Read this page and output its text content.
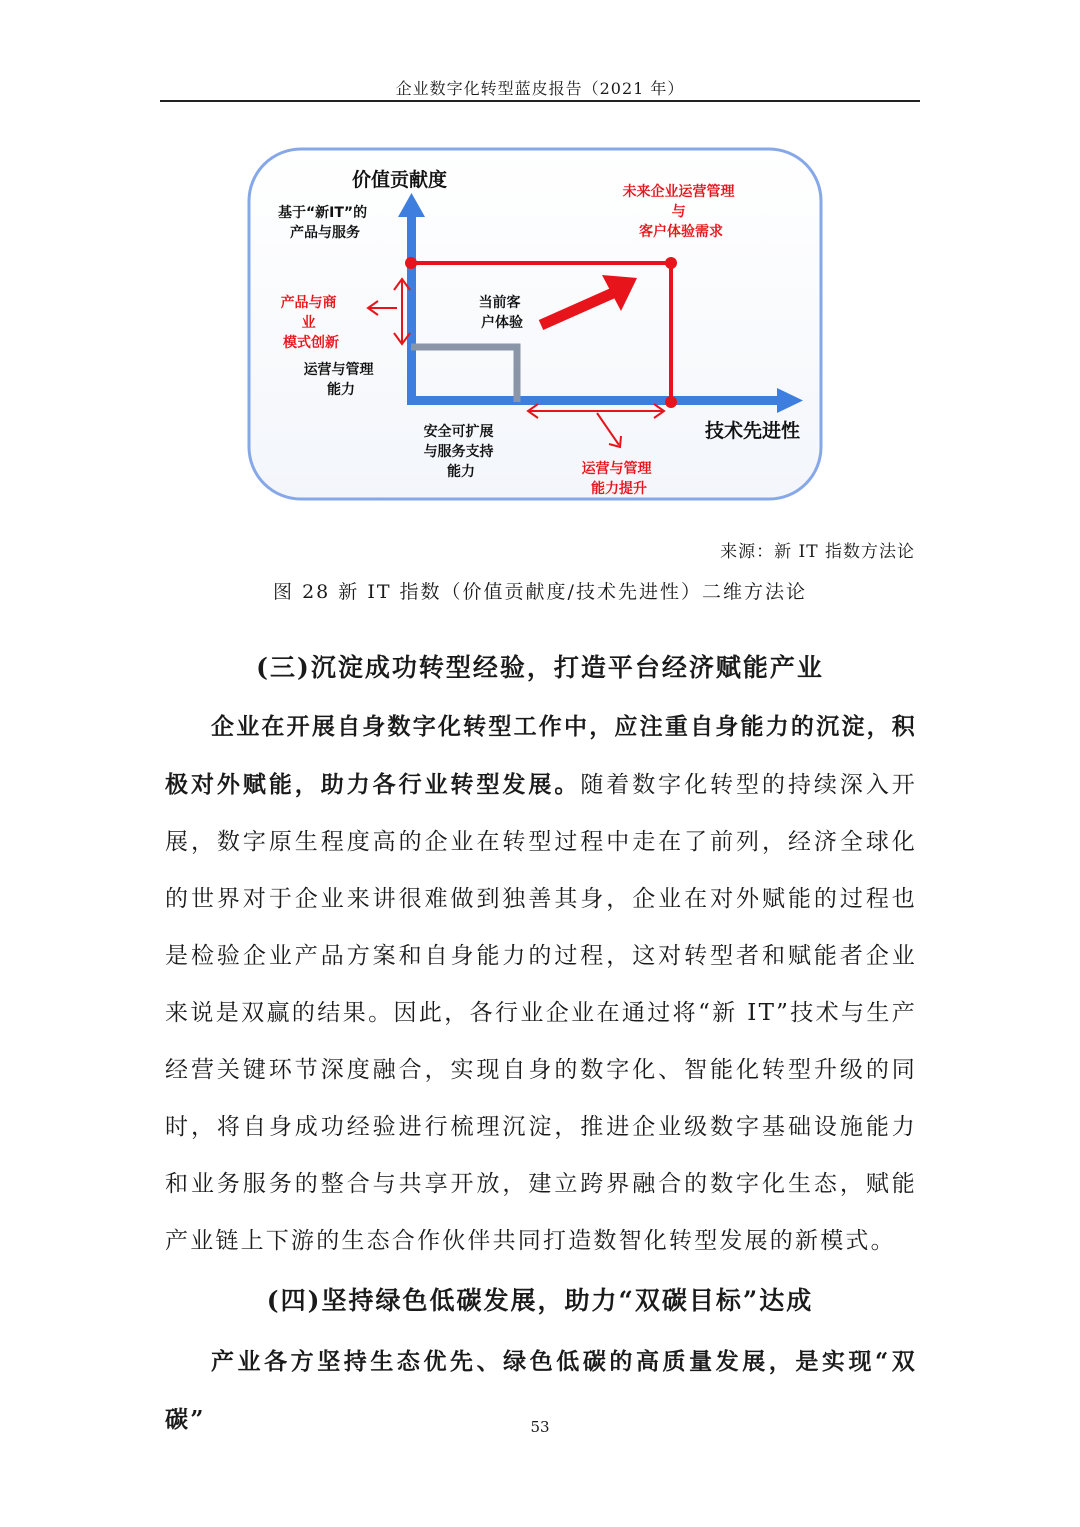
企业数字化转型蓝皮报告（2021 年）
价值贡献度
技术先进性
基于“新IT”的 产品与服务
未来企业运营管理 与 客户体验需求
产品与商 业 模式创新
运营与管理 能力
当前客 户体验
安全可扩展 与服务支持 能力	运营与管理 能力提升
来源：新 IT 指数方法论
图 28 新 IT 指数（价值贡献度/技术先进性）二维方法论
(三)沉淀成功转型经验，打造平台经济赋能产业

企业在开展自身数字化转型工作中，应注重自身能力的沉淀，积极对外赋能，助力各行业转型发展。随着数字化转型的持续深入开展，数字原生程度高的企业在转型过程中走在了前列，经济全球化的世界对于企业来讲很难做到独善其身，企业在对外赋能的过程也是检验企业产品方案和自身能力的过程，这对转型者和赋能者企业来说是双赢的结果。因此，各行业企业在通过将“新 IT”技术与生产经营关键环节深度融合，实现自身的数字化、智能化转型升级的同时，将自身成功经验进行梳理沉淀，推进企业级数字基础设施能力和业务服务的整合与共享开放，建立跨界融合的数字化生态，赋能产业链上下游的生态合作伙伴共同打造数智化转型发展的新模式。

(四)坚持绿色低碳发展，助力“双碳目标”达成

产业各方坚持生态优先、绿色低碳的高质量发展，是实现“双碳”	53
